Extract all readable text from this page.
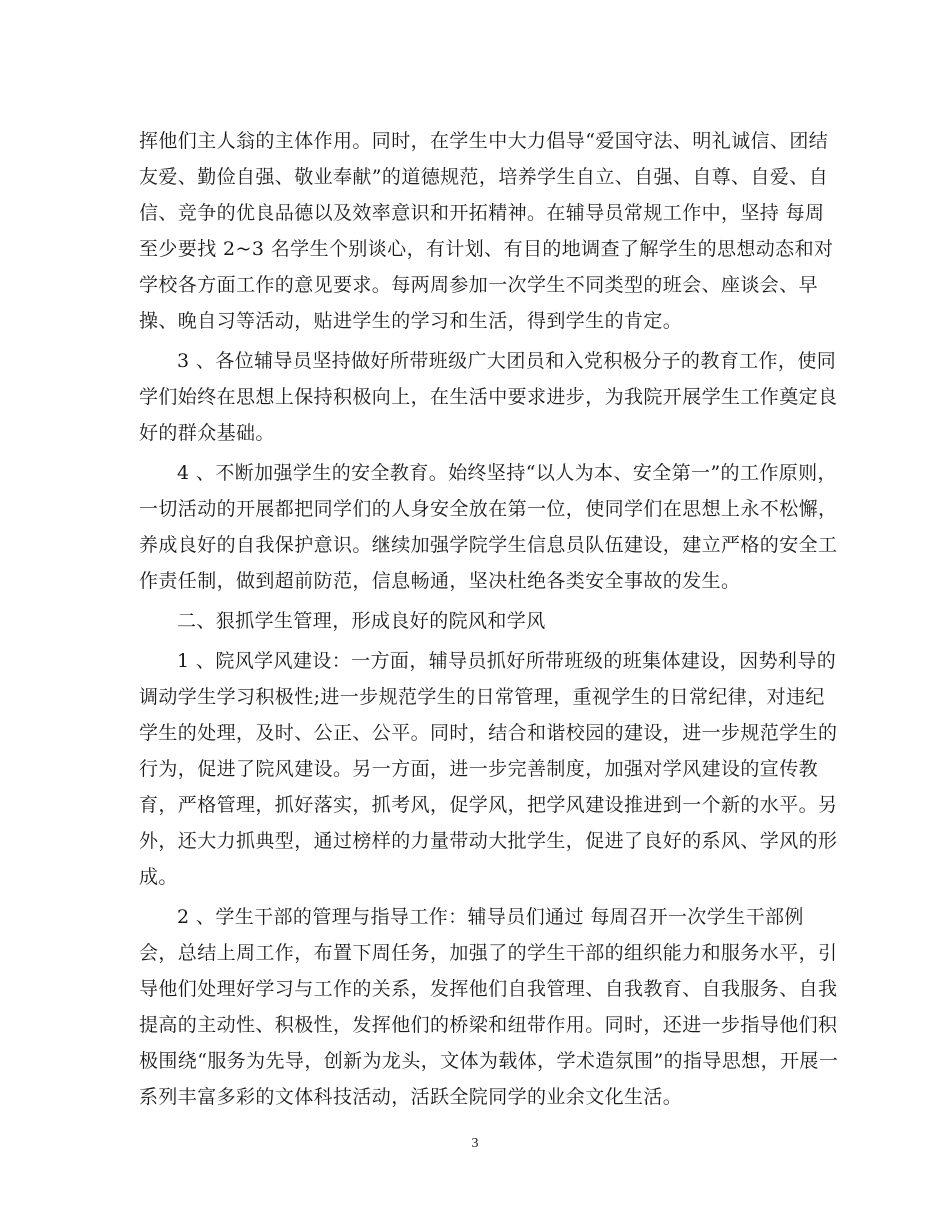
挥他们主人翁的主体作用。同时，在学生中大力倡导“爱国守法、明礼诚信、团结
友爱、勤俭自强、敬业奉献”的道德规范，培养学生自立、自强、自尊、自爱、自
信、竞争的优良品德以及效率意识和开拓精神。在辅导员常规工作中，坚持 每周
至少要找 2~3 名学生个别谈心，有计划、有目的地调查了解学生的思想动态和对
学校各方面工作的意见要求。每两周参加一次学生不同类型的班会、座谈会、早
操、晚自习等活动，贴进学生的学习和生活，得到学生的肯定。
3 、各位辅导员坚持做好所带班级广大团员和入党积极分子的教育工作，使同
学们始终在思想上保持积极向上，在生活中要求进步，为我院开展学生工作奠定良
好的群众基础。
4 、不断加强学生的安全教育。始终坚持“以人为本、安全第一”的工作原则，
一切活动的开展都把同学们的人身安全放在第一位，使同学们在思想上永不松懈，
养成良好的自我保护意识。继续加强学院学生信息员队伍建设，建立严格的安全工
作责任制，做到超前防范，信息畅通，坚决杜绝各类安全事故的发生。
二、狠抓学生管理，形成良好的院风和学风
1 、院风学风建设：一方面，辅导员抓好所带班级的班集体建设，因势利导的
调动学生学习积极性;进一步规范学生的日常管理，重视学生的日常纪律，对违纪
学生的处理，及时、公正、公平。同时，结合和谐校园的建设，进一步规范学生的
行为，促进了院风建设。另一方面，进一步完善制度，加强对学风建设的宣传教
育，严格管理，抓好落实，抓考风，促学风，把学风建设推进到一个新的水平。另
外，还大力抓典型，通过榜样的力量带动大批学生，促进了良好的系风、学风的形
成。
2 、学生干部的管理与指导工作：辅导员们通过 每周召开一次学生干部例
会，总结上周工作，布置下周任务，加强了的学生干部的组织能力和服务水平，引
导他们处理好学习与工作的关系，发挥他们自我管理、自我教育、自我服务、自我
提高的主动性、积极性，发挥他们的桥梁和纽带作用。同时，还进一步指导他们积
极围绕“服务为先导，创新为龙头，文体为载体，学术造氛围”的指导思想，开展一
系列丰富多彩的文体科技活动，活跃全院同学的业余文化生活。
3
